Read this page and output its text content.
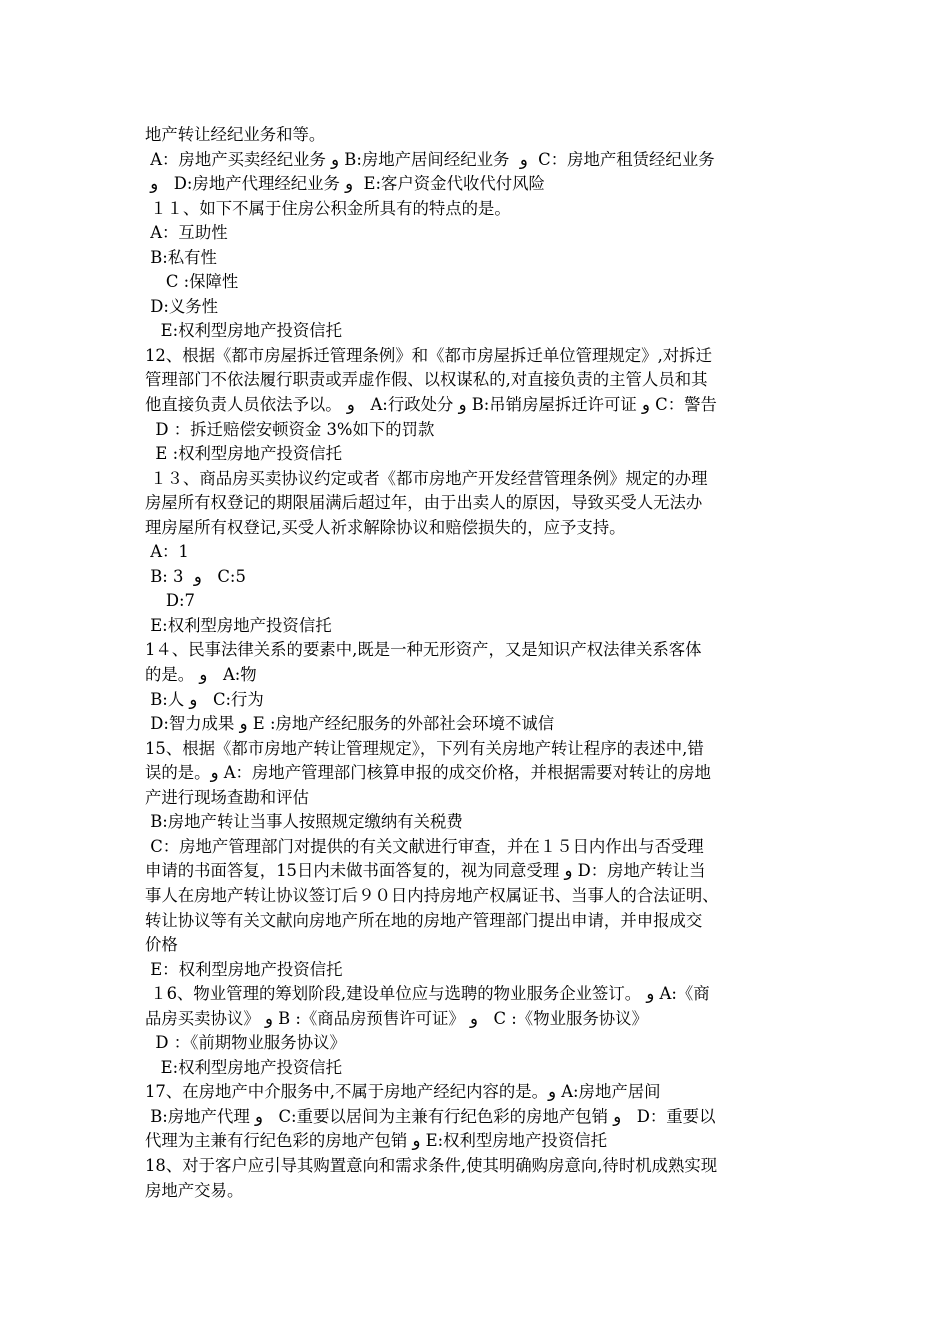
地产转让经纪业务和等。
A：房地产买卖经纪业务 و B:房地产居间经纪业务  و  C：房地产租赁经纪业务
و   D:房地产代理经纪业务 و  E:客户资金代收代付风险
１１、如下不属于住房公积金所具有的特点的是。
A：互助性
B:私有性
C :保障性
D:义务性
E:权利型房地产投资信托
12、根据《都市房屋拆迁管理条例》和《都市房屋拆迁单位管理规定》,对拆迁
管理部门不依法履行职责或弄虚作假、以权谋私的,对直接负责的主管人员和其
他直接负责人员依法予以。 و   A:行政处分 و B:吊销房屋拆迁许可证 و C：警告
D ：拆迁赔偿安顿资金 3%如下的罚款
E :权利型房地产投资信托
１３、商品房买卖协议约定或者《都市房地产开发经营管理条例》规定的办理
房屋所有权登记的期限届满后超过年，由于出卖人的原因，导致买受人无法办
理房屋所有权登记,买受人祈求解除协议和赔偿损失的，应予支持。
A：1
B: 3  و   C:5
D:7
E:权利型房地产投资信托
1４、民事法律关系的要素中,既是一种无形资产，又是知识产权法律关系客体
的是。 و   A:物
B:人 و   C:行为
D:智力成果 و E :房地产经纪服务的外部社会环境不诚信
15、根据《都市房地产转让管理规定》，下列有关房地产转让程序的表述中,错
误的是。و A：房地产管理部门核算申报的成交价格，并根据需要对转让的房地
产进行现场查勘和评估
B:房地产转让当事人按照规定缴纳有关税费
C：房地产管理部门对提供的有关文献进行审查，并在１５日内作出与否受理
申请的书面答复，15日内未做书面答复的，视为同意受理 و D：房地产转让当
事人在房地产转让协议签订后９０日内持房地产权属证书、当事人的合法证明、
转让协议等有关文献向房地产所在地的房地产管理部门提出申请，并申报成交
价格
E：权利型房地产投资信托
１6、物业管理的筹划阶段,建设单位应与选聘的物业服务企业签订。 و A:《商
品房买卖协议》 و B :《商品房预售许可证》 و   C :《物业服务协议》
D ：《前期物业服务协议》
E:权利型房地产投资信托
17、在房地产中介服务中,不属于房地产经纪内容的是。و A:房地产居间
B:房地产代理 و   C:重要以居间为主兼有行纪色彩的房地产包销 و   D：重要以
代理为主兼有行纪色彩的房地产包销 و E:权利型房地产投资信托
18、对于客户应引导其购置意向和需求条件,使其明确购房意向,待时机成熟实现
房地产交易。
